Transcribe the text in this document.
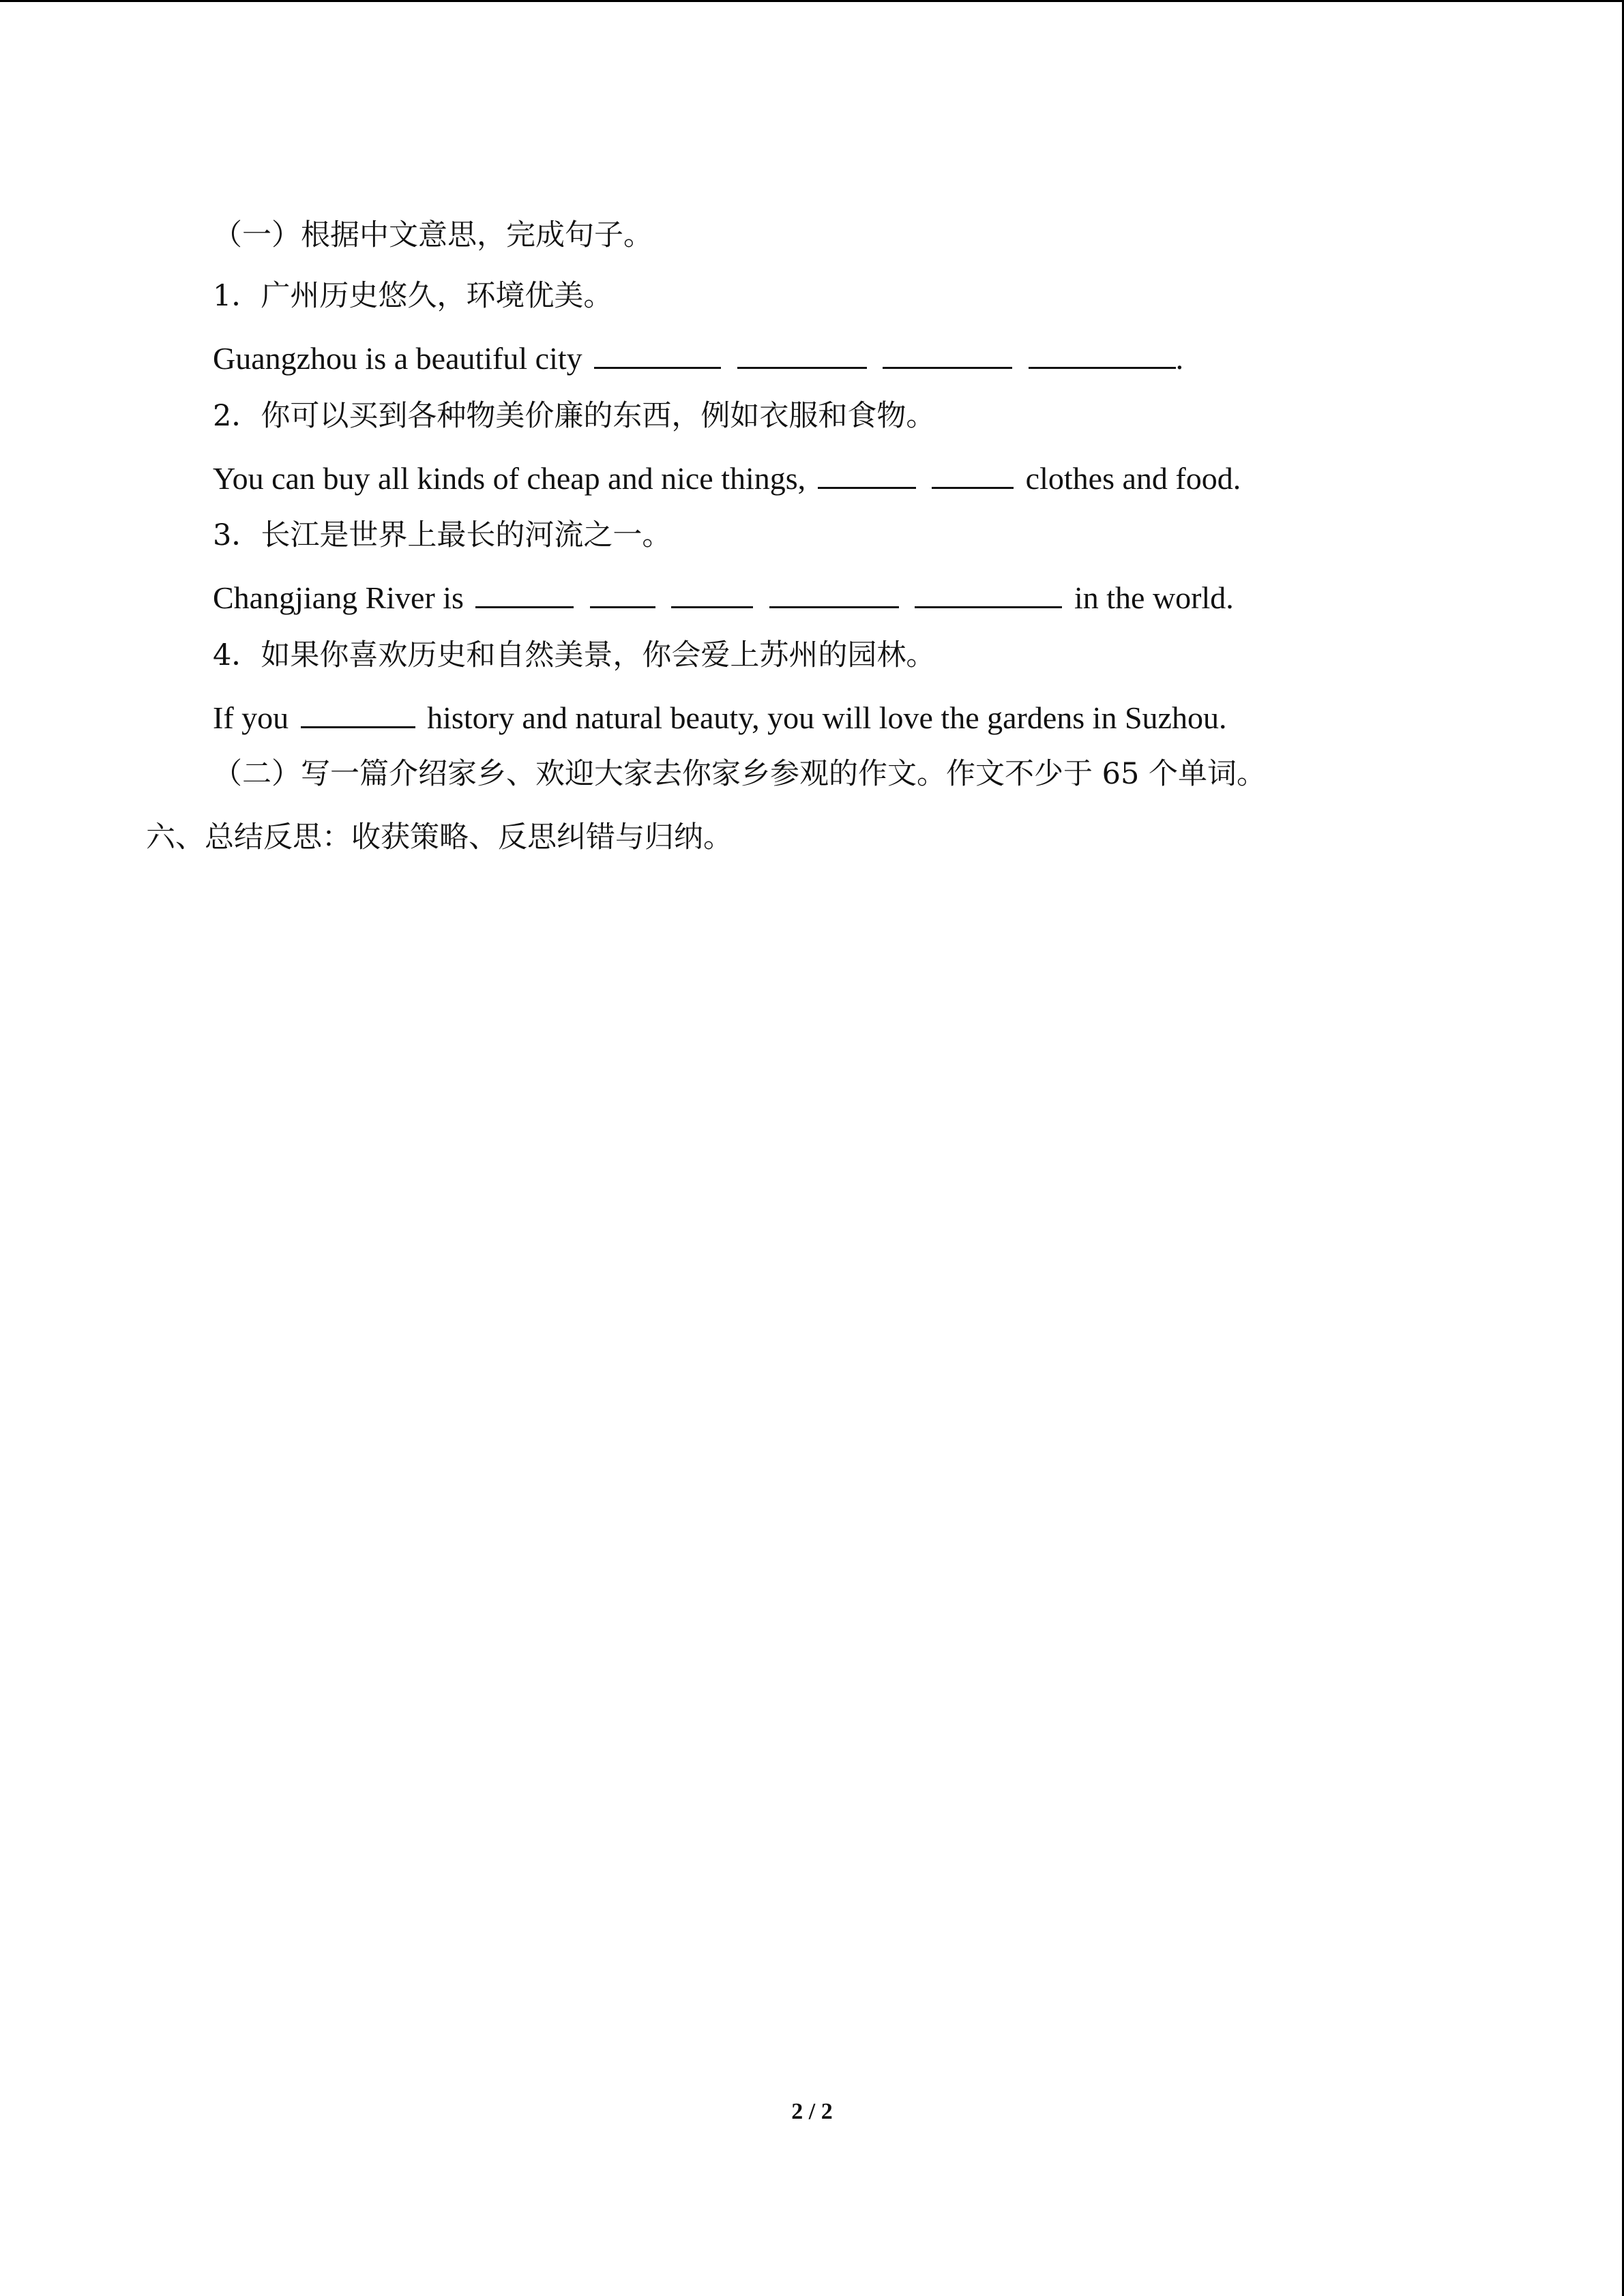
（一）根据中文意思，完成句子。
1．广州历史悠久，环境优美。
Guangzhou is a beautiful city	.
2．你可以买到各种物美价廉的东西，例如衣服和食物。
You can buy all kinds of cheap and nice things,	clothes and food.
3．长江是世界上最长的河流之一。
Changjiang River is	in the world.
4．如果你喜欢历史和自然美景，你会爱上苏州的园林。
If you	history and natural beauty, you will love the gardens in Suzhou.
（二）写一篇介绍家乡、欢迎大家去你家乡参观的作文。作文不少于 65 个单词。
六、总结反思：收获策略、反思纠错与归纳。
2 / 2
